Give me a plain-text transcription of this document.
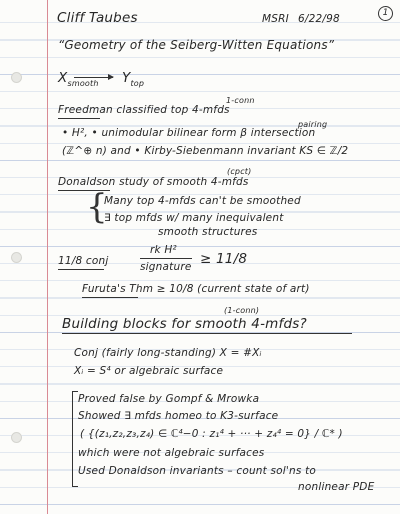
Cliff Taubes	MSRI 6/22/98	1
“Geometry of the Seiberg-Witten Equations”
$X_{smooth}$ $Y_{top}$
1-conn
Freedman classified top 4-mfds
pairing
• H², • unimodular bilinear form β intersection
(ℤ^⊕ n) and • Kirby-Siebenmann invariant KS ∈ ℤ/2
(cpct)
Donaldson study of smooth 4-mfds
{
Many top 4-mfds can't be smoothed
∃ top mfds w/ many inequivalent
smooth structures
11/8 conj
rk H²
signature ≥ 11/8
Furuta's Thm ≥ 10/8 (current state of art)
(1-conn)
Building blocks for smooth 4-mfds?
Conj (fairly long-standing) X = #Xᵢ
Xᵢ = S⁴ or algebraic surface
Proved false by Gompf & Mrowka
Showed ∃ mfds homeo to K3-surface
( {(z₁,z₂,z₃,z₄) ∈ ℂ⁴−0 : z₁⁴ + ··· + z₄⁴ = 0} / ℂ* )
which were not algebraic surfaces
Used Donaldson invariants – count sol'ns to
nonlinear PDE
